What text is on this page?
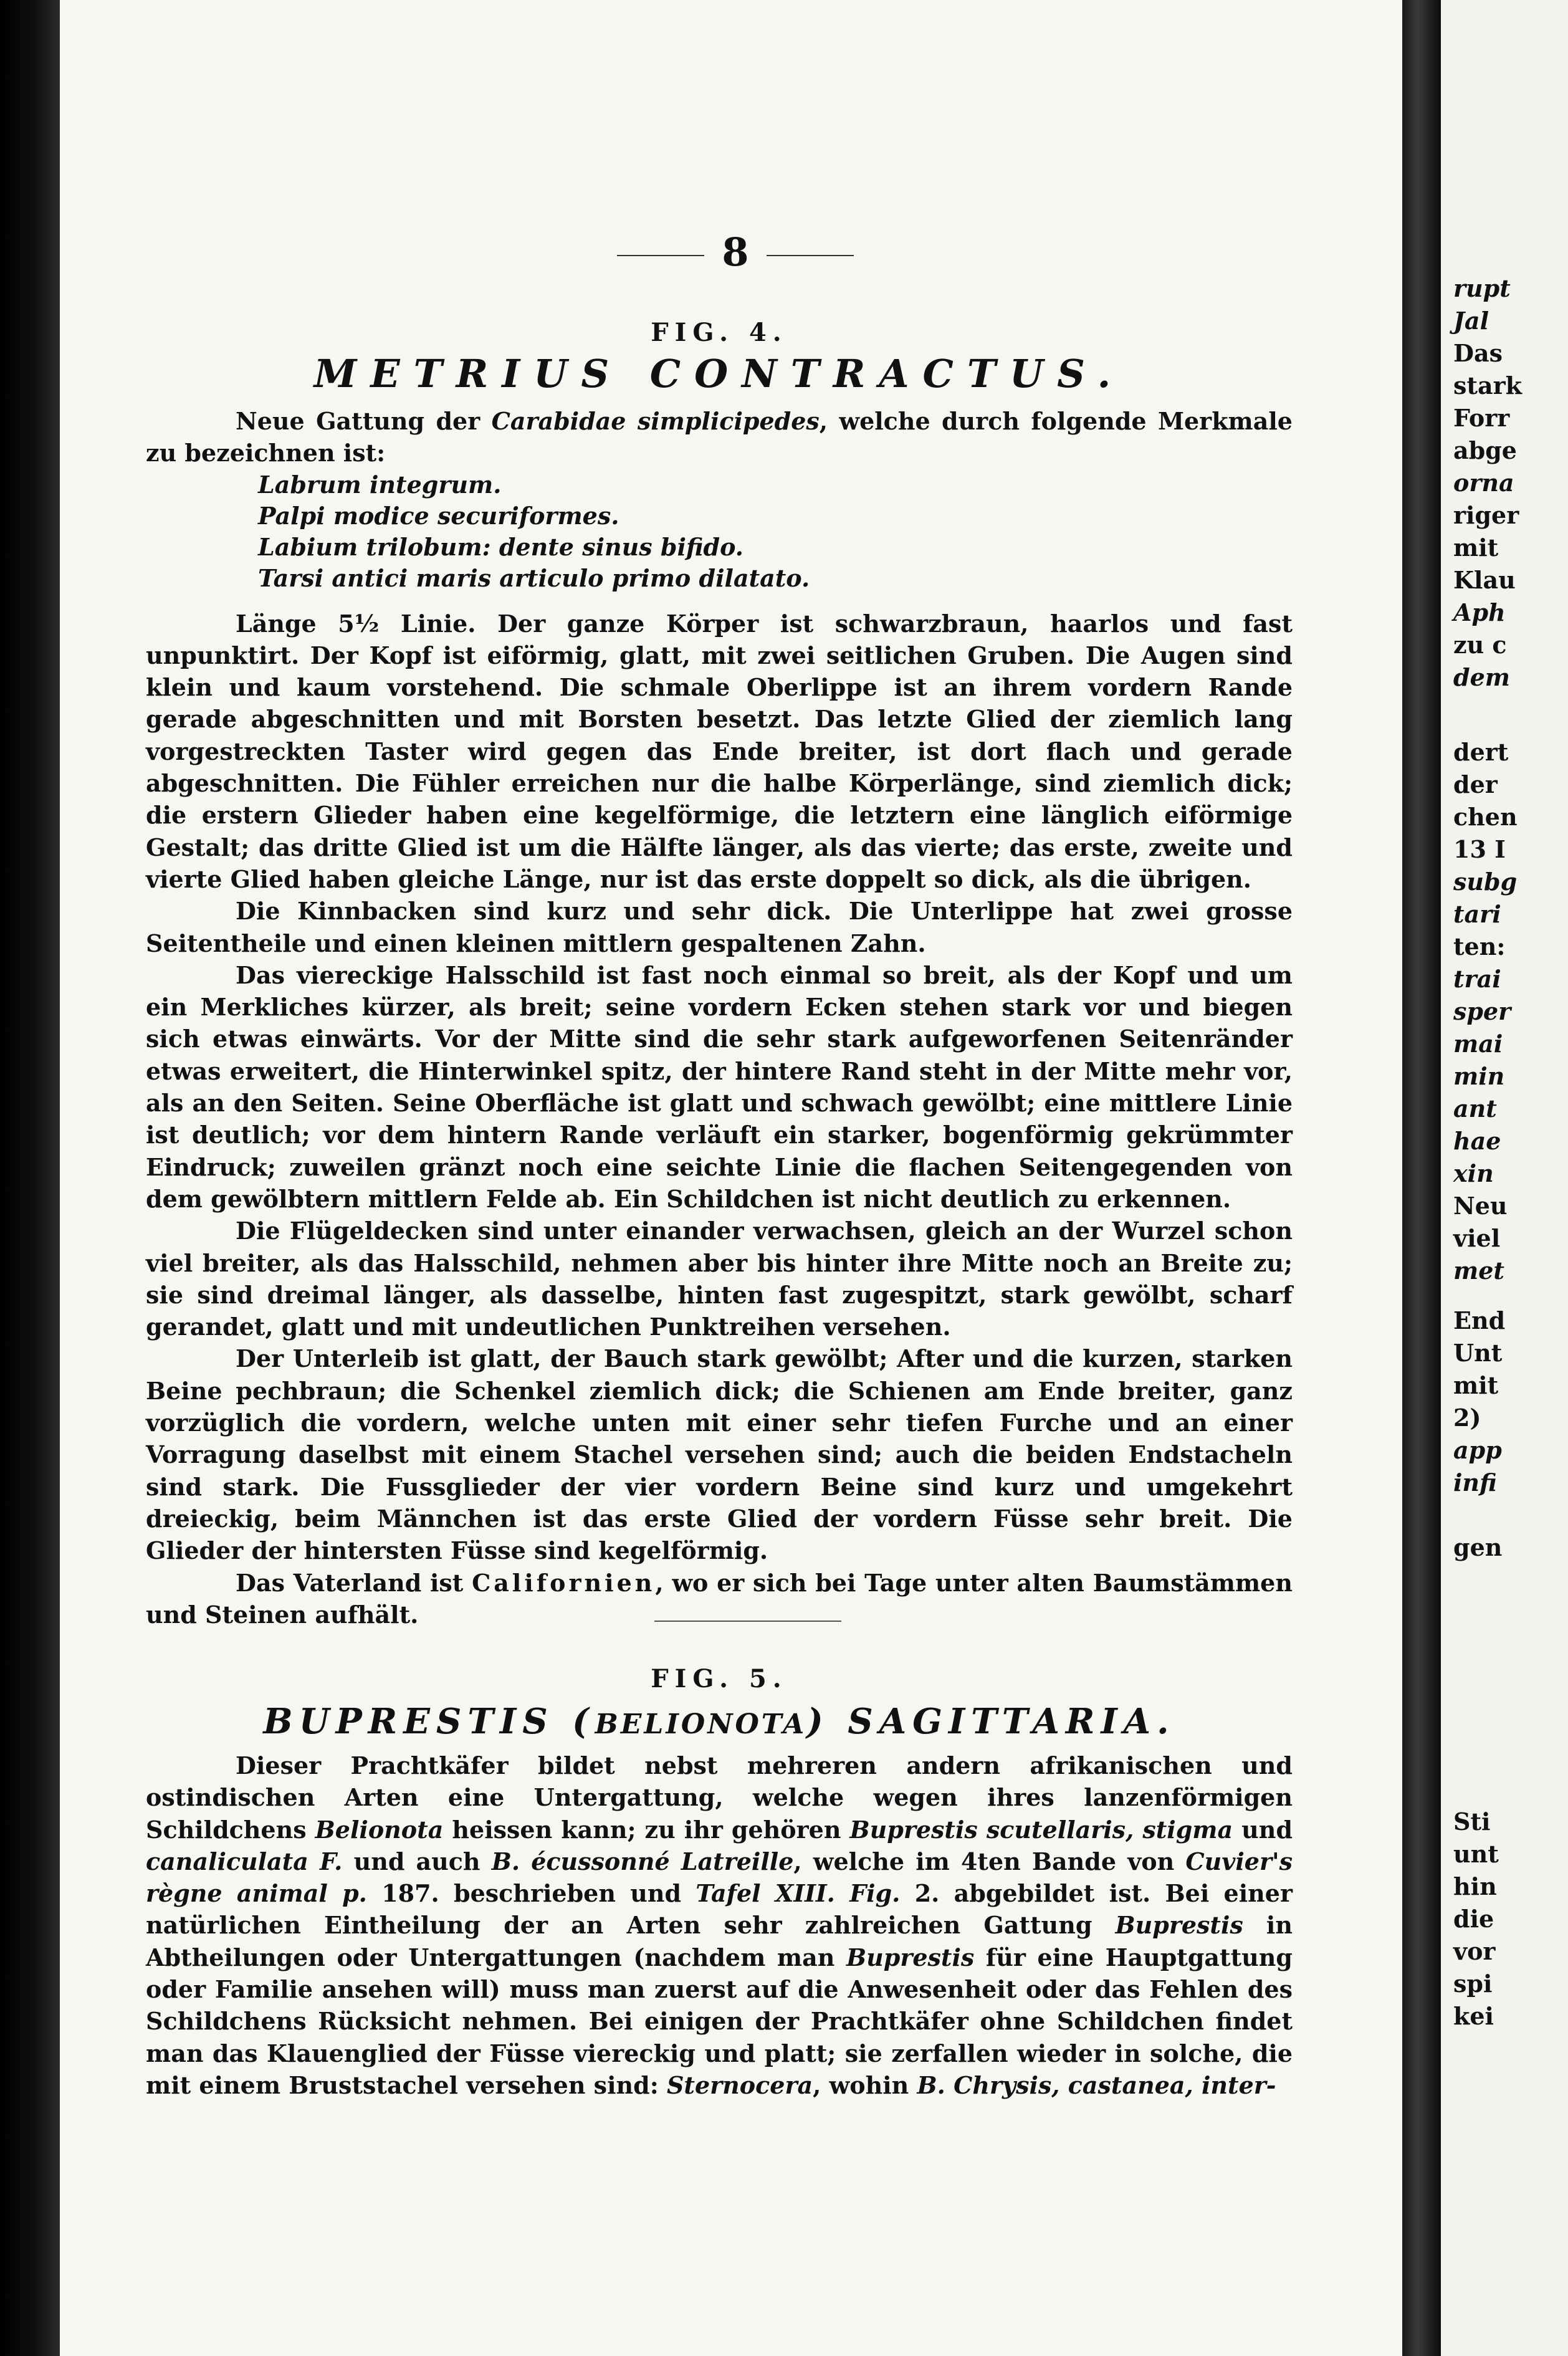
8
FIG. 4.
METRIUS CONTRACTUS.

Neue Gattung der Carabidae simplicipedes, welche durch folgende Merkmale zu bezeichnen ist:

Labrum integrum.
Palpi modice securiformes.
Labium trilobum: dente sinus bifido.
Tarsi antici maris articulo primo dilatato.

Länge 5½ Linie. Der ganze Körper ist schwarzbraun, haarlos und fast unpunktirt. Der Kopf ist eiförmig, glatt, mit zwei seitlichen Gruben. Die Augen sind klein und kaum vorstehend. Die schmale Oberlippe ist an ihrem vordern Rande gerade abgeschnitten und mit Borsten besetzt. Das letzte Glied der ziemlich lang vorgestreckten Taster wird gegen das Ende breiter, ist dort flach und gerade abgeschnitten. Die Fühler erreichen nur die halbe Körperlänge, sind ziemlich dick; die erstern Glieder haben eine kegelförmige, die letztern eine länglich eiförmige Gestalt; das dritte Glied ist um die Hälfte länger, als das vierte; das erste, zweite und vierte Glied haben gleiche Länge, nur ist das erste doppelt so dick, als die übrigen.

Die Kinnbacken sind kurz und sehr dick. Die Unterlippe hat zwei grosse Seitentheile und einen kleinen mittlern gespaltenen Zahn.

Das viereckige Halsschild ist fast noch einmal so breit, als der Kopf und um ein Merkliches kürzer, als breit; seine vordern Ecken stehen stark vor und biegen sich etwas einwärts. Vor der Mitte sind die sehr stark aufgeworfenen Seitenränder etwas erweitert, die Hinterwinkel spitz, der hintere Rand steht in der Mitte mehr vor, als an den Seiten. Seine Oberfläche ist glatt und schwach gewölbt; eine mittlere Linie ist deutlich; vor dem hintern Rande verläuft ein starker, bogenförmig gekrümmter Eindruck; zuweilen gränzt noch eine seichte Linie die flachen Seitengegenden von dem gewölbtern mittlern Felde ab. Ein Schildchen ist nicht deutlich zu erkennen.

Die Flügeldecken sind unter einander verwachsen, gleich an der Wurzel schon viel breiter, als das Halsschild, nehmen aber bis hinter ihre Mitte noch an Breite zu; sie sind dreimal länger, als dasselbe, hinten fast zugespitzt, stark gewölbt, scharf gerandet, glatt und mit undeutlichen Punktreihen versehen.

Der Unterleib ist glatt, der Bauch stark gewölbt; After und die kurzen, starken Beine pechbraun; die Schenkel ziemlich dick; die Schienen am Ende breiter, ganz vorzüglich die vordern, welche unten mit einer sehr tiefen Furche und an einer Vorragung daselbst mit einem Stachel versehen sind; auch die beiden Endstacheln sind stark. Die Fussglieder der vier vordern Beine sind kurz und umgekehrt dreieckig, beim Männchen ist das erste Glied der vordern Füsse sehr breit. Die Glieder der hintersten Füsse sind kegelförmig.

Das Vaterland ist Californien, wo er sich bei Tage unter alten Baumstämmen und Steinen aufhält.

FIG. 5.
BUPRESTIS (BELIONOTA) SAGITTARIA.

Dieser Prachtkäfer bildet nebst mehreren andern afrikanischen und ostindischen Arten eine Untergattung, welche wegen ihres lanzenförmigen Schildchens Belionota heissen kann; zu ihr gehören Buprestis scutellaris, stigma und canaliculata F. und auch B. écussonné Latreille, welche im 4ten Bande von Cuvier's règne animal p. 187. beschrieben und Tafel XIII. Fig. 2. abgebildet ist. Bei einer natürlichen Eintheilung der an Arten sehr zahlreichen Gattung Buprestis in Abtheilungen oder Untergattungen (nachdem man Buprestis für eine Hauptgattung oder Familie ansehen will) muss man zuerst auf die Anwesenheit oder das Fehlen des Schildchens Rücksicht nehmen. Bei einigen der Prachtkäfer ohne Schildchen findet man das Klauenglied der Füsse viereckig und platt; sie zerfallen wieder in solche, die mit einem Bruststachel versehen sind: Sternocera, wohin B. Chrysis, castanea, inter-

rupt
Jal
Das
stark
Forr
abge
orna
riger
mit
Klau
Aph
zu c
dem
dert
der
chen
13 I
subg
tari
ten:
trai
sper
mai
min
ant
hae
xin
Neu
viel
met
End
Unt
mit
2)
app
infi
gen
Sti
unt
hin
die
vor
spi
kei
